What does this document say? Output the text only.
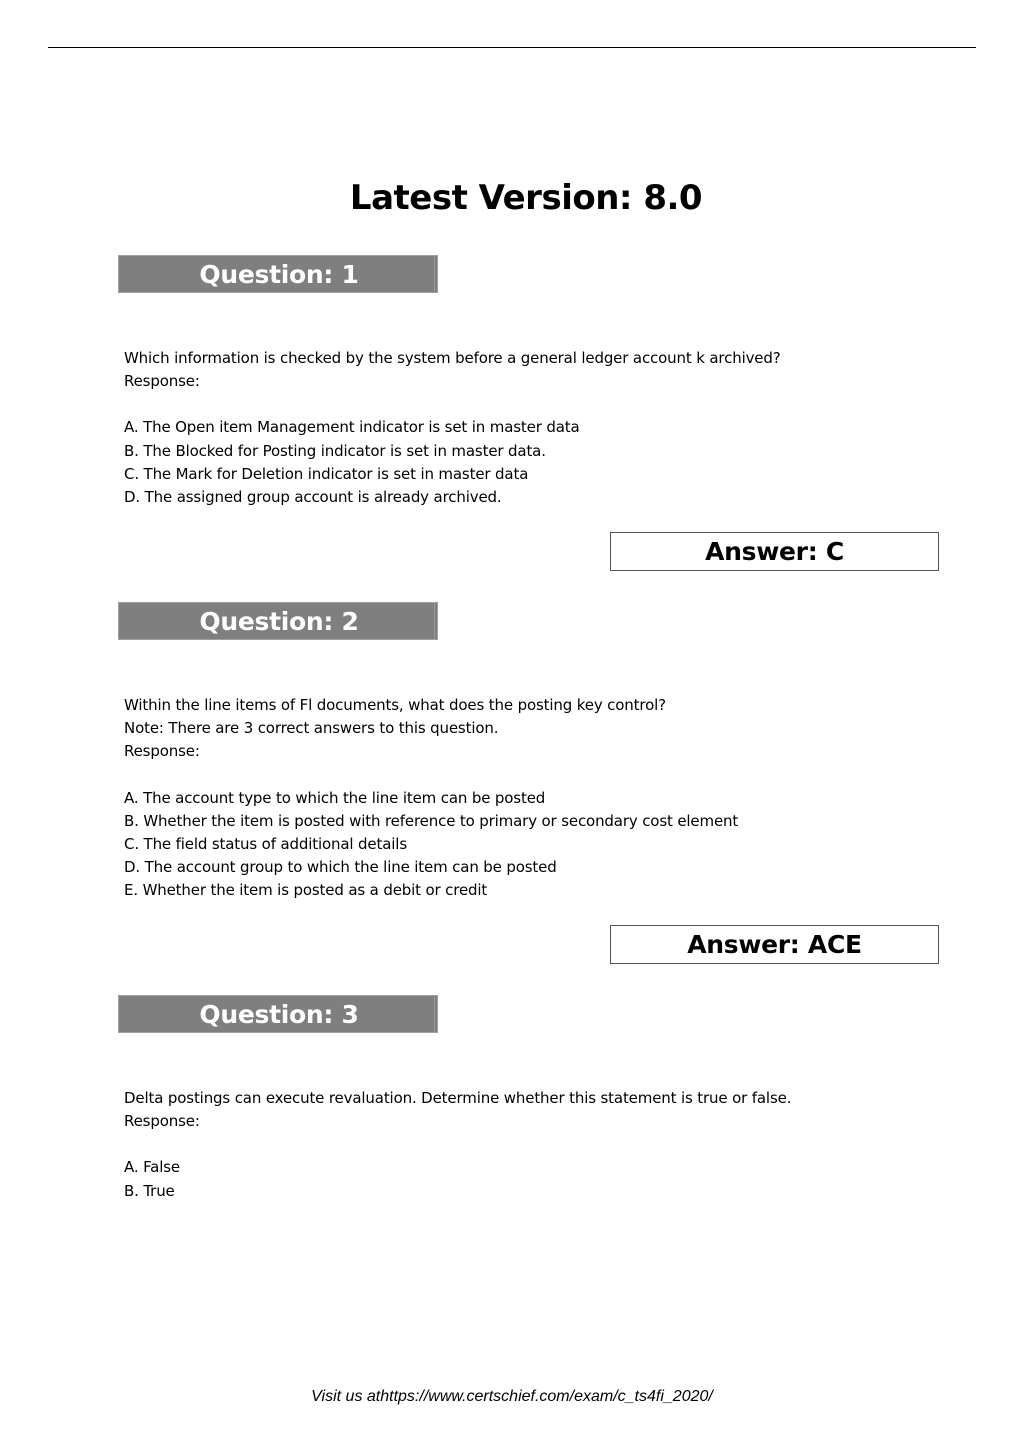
Latest Version: 8.0
Question: 1

Which information is checked by the system before a general ledger account k archived?

Response:

A. The Open item Management indicator is set in master data

B. The Blocked for Posting indicator is set in master data.

C. The Mark for Deletion indicator is set in master data

D. The assigned group account is already archived.

Answer: C
Question: 2

Within the line items of Fl documents, what does the posting key control?

Note: There are 3 correct answers to this question.

Response:

A. The account type to which the line item can be posted

B. Whether the item is posted with reference to primary or secondary cost element

C. The field status of additional details

D. The account group to which the line item can be posted

E. Whether the item is posted as a debit or credit

Answer: ACE
Question: 3

Delta postings can execute revaluation. Determine whether this statement is true or false.

Response:

A. False

B. True

Visit us athttps://www.certschief.com/exam/c_ts4fi_2020/
